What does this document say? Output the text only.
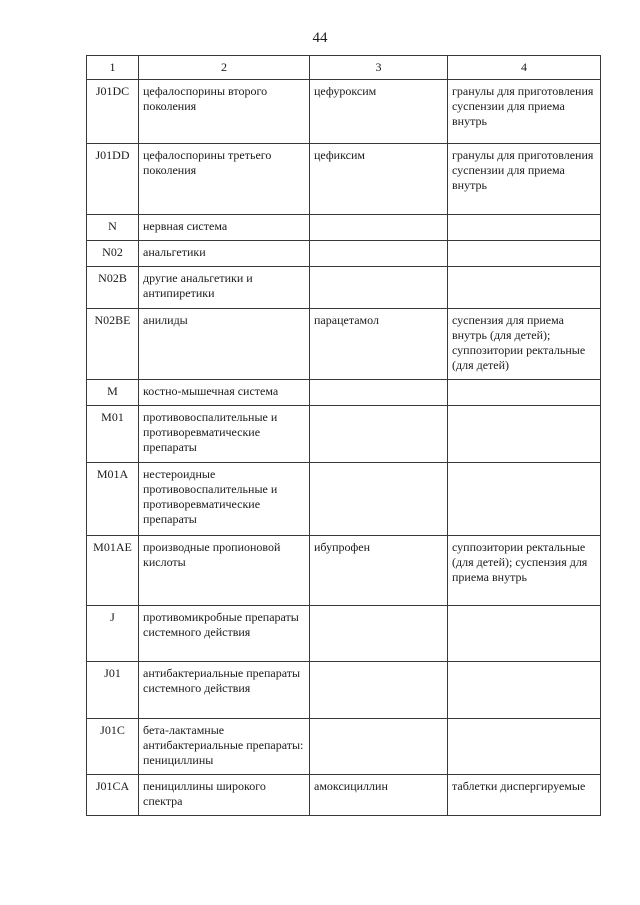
44
1	2	3	4
J01DC	цефалоспорины второго поколения	цефуроксим	гранулы для приготовления суспензии для приема внутрь
J01DD	цефалоспорины третьего поколения	цефиксим	гранулы для приготовления суспензии для приема внутрь
N	нервная система		
N02	анальгетики		
N02B	другие анальгетики и антипиретики		
N02BE	анилиды	парацетамол	суспензия для приема внутрь (для детей); суппозитории ректальные (для детей)
M	костно-мышечная система		
M01	противовоспалительные и противоревматические препараты		
M01A	нестероидные противовоспалительные и противоревматические препараты		
M01AE	производные пропионовой кислоты	ибупрофен	суппозитории ректальные (для детей); суспензия для приема внутрь
J	противомикробные препараты системного действия		
J01	антибактериальные препараты системного действия		
J01C	бета-лактамные антибактериальные препараты: пенициллины		
J01CA	пенициллины широкого спектра	амоксициллин	таблетки диспергируемые
